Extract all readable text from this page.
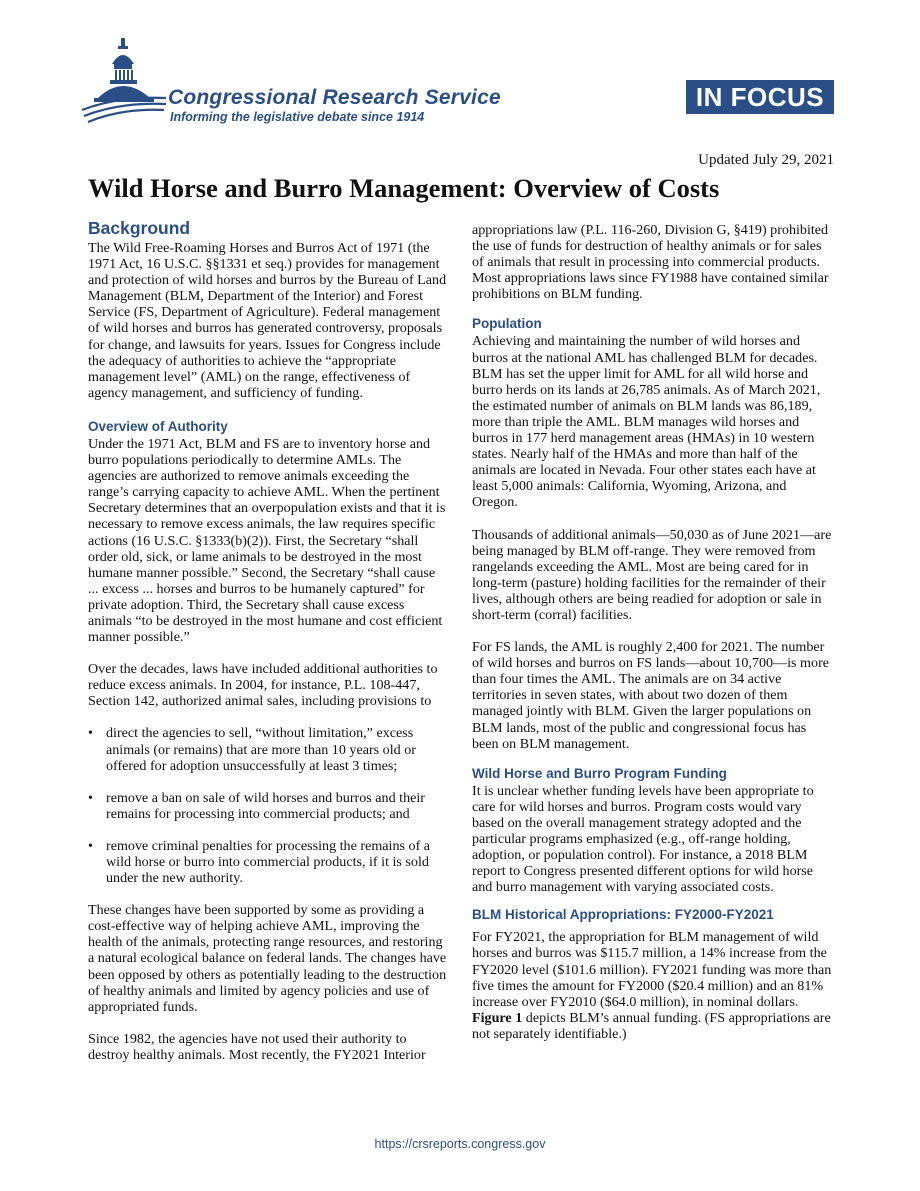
Congressional Research Service
Informing the legislative debate since 1914
IN FOCUS
Updated July 29, 2021
Wild Horse and Burro Management: Overview of Costs
Background

The Wild Free-Roaming Horses and Burros Act of 1971 (the 1971 Act, 16 U.S.C. §§1331 et seq.) provides for management and protection of wild horses and burros by the Bureau of Land Management (BLM, Department of the Interior) and Forest Service (FS, Department of Agriculture). Federal management of wild horses and burros has generated controversy, proposals for change, and lawsuits for years. Issues for Congress include the adequacy of authorities to achieve the “appropriate management level” (AML) on the range, effectiveness of agency management, and sufficiency of funding.

Overview of Authority

Under the 1971 Act, BLM and FS are to inventory horse and burro populations periodically to determine AMLs. The agencies are authorized to remove animals exceeding the range’s carrying capacity to achieve AML. When the pertinent Secretary determines that an overpopulation exists and that it is necessary to remove excess animals, the law requires specific actions (16 U.S.C. §1333(b)(2)). First, the Secretary “shall order old, sick, or lame animals to be destroyed in the most humane manner possible.” Second, the Secretary “shall cause ... excess ... horses and burros to be humanely captured” for private adoption. Third, the Secretary shall cause excess animals “to be destroyed in the most humane and cost efficient manner possible.”

Over the decades, laws have included additional authorities to reduce excess animals. In 2004, for instance, P.L. 108-447, Section 142, authorized animal sales, including provisions to

• direct the agencies to sell, “without limitation,” excess animals (or remains) that are more than 10 years old or offered for adoption unsuccessfully at least 3 times;
• remove a ban on sale of wild horses and burros and their remains for processing into commercial products; and
• remove criminal penalties for processing the remains of a wild horse or burro into commercial products, if it is sold under the new authority.

These changes have been supported by some as providing a cost-effective way of helping achieve AML, improving the health of the animals, protecting range resources, and restoring a natural ecological balance on federal lands. The changes have been opposed by others as potentially leading to the destruction of healthy animals and limited by agency policies and use of appropriated funds.

Since 1982, the agencies have not used their authority to destroy healthy animals. Most recently, the FY2021 Interior

appropriations law (P.L. 116-260, Division G, §419) prohibited the use of funds for destruction of healthy animals or for sales of animals that result in processing into commercial products. Most appropriations laws since FY1988 have contained similar prohibitions on BLM funding.

Population

Achieving and maintaining the number of wild horses and burros at the national AML has challenged BLM for decades. BLM has set the upper limit for AML for all wild horse and burro herds on its lands at 26,785 animals. As of March 2021, the estimated number of animals on BLM lands was 86,189, more than triple the AML. BLM manages wild horses and burros in 177 herd management areas (HMAs) in 10 western states. Nearly half of the HMAs and more than half of the animals are located in Nevada. Four other states each have at least 5,000 animals: California, Wyoming, Arizona, and Oregon.

Thousands of additional animals—50,030 as of June 2021—are being managed by BLM off-range. They were removed from rangelands exceeding the AML. Most are being cared for in long-term (pasture) holding facilities for the remainder of their lives, although others are being readied for adoption or sale in short-term (corral) facilities.

For FS lands, the AML is roughly 2,400 for 2021. The number of wild horses and burros on FS lands—about 10,700—is more than four times the AML. The animals are on 34 active territories in seven states, with about two dozen of them managed jointly with BLM. Given the larger populations on BLM lands, most of the public and congressional focus has been on BLM management.

Wild Horse and Burro Program Funding

It is unclear whether funding levels have been appropriate to care for wild horses and burros. Program costs would vary based on the overall management strategy adopted and the particular programs emphasized (e.g., off-range holding, adoption, or population control). For instance, a 2018 BLM report to Congress presented different options for wild horse and burro management with varying associated costs.

BLM Historical Appropriations: FY2000-FY2021

For FY2021, the appropriation for BLM management of wild horses and burros was $115.7 million, a 14% increase from the FY2020 level ($101.6 million). FY2021 funding was more than five times the amount for FY2000 ($20.4 million) and an 81% increase over FY2010 ($64.0 million), in nominal dollars. Figure 1 depicts BLM’s annual funding. (FS appropriations are not separately identifiable.)

https://crsreports.congress.gov
